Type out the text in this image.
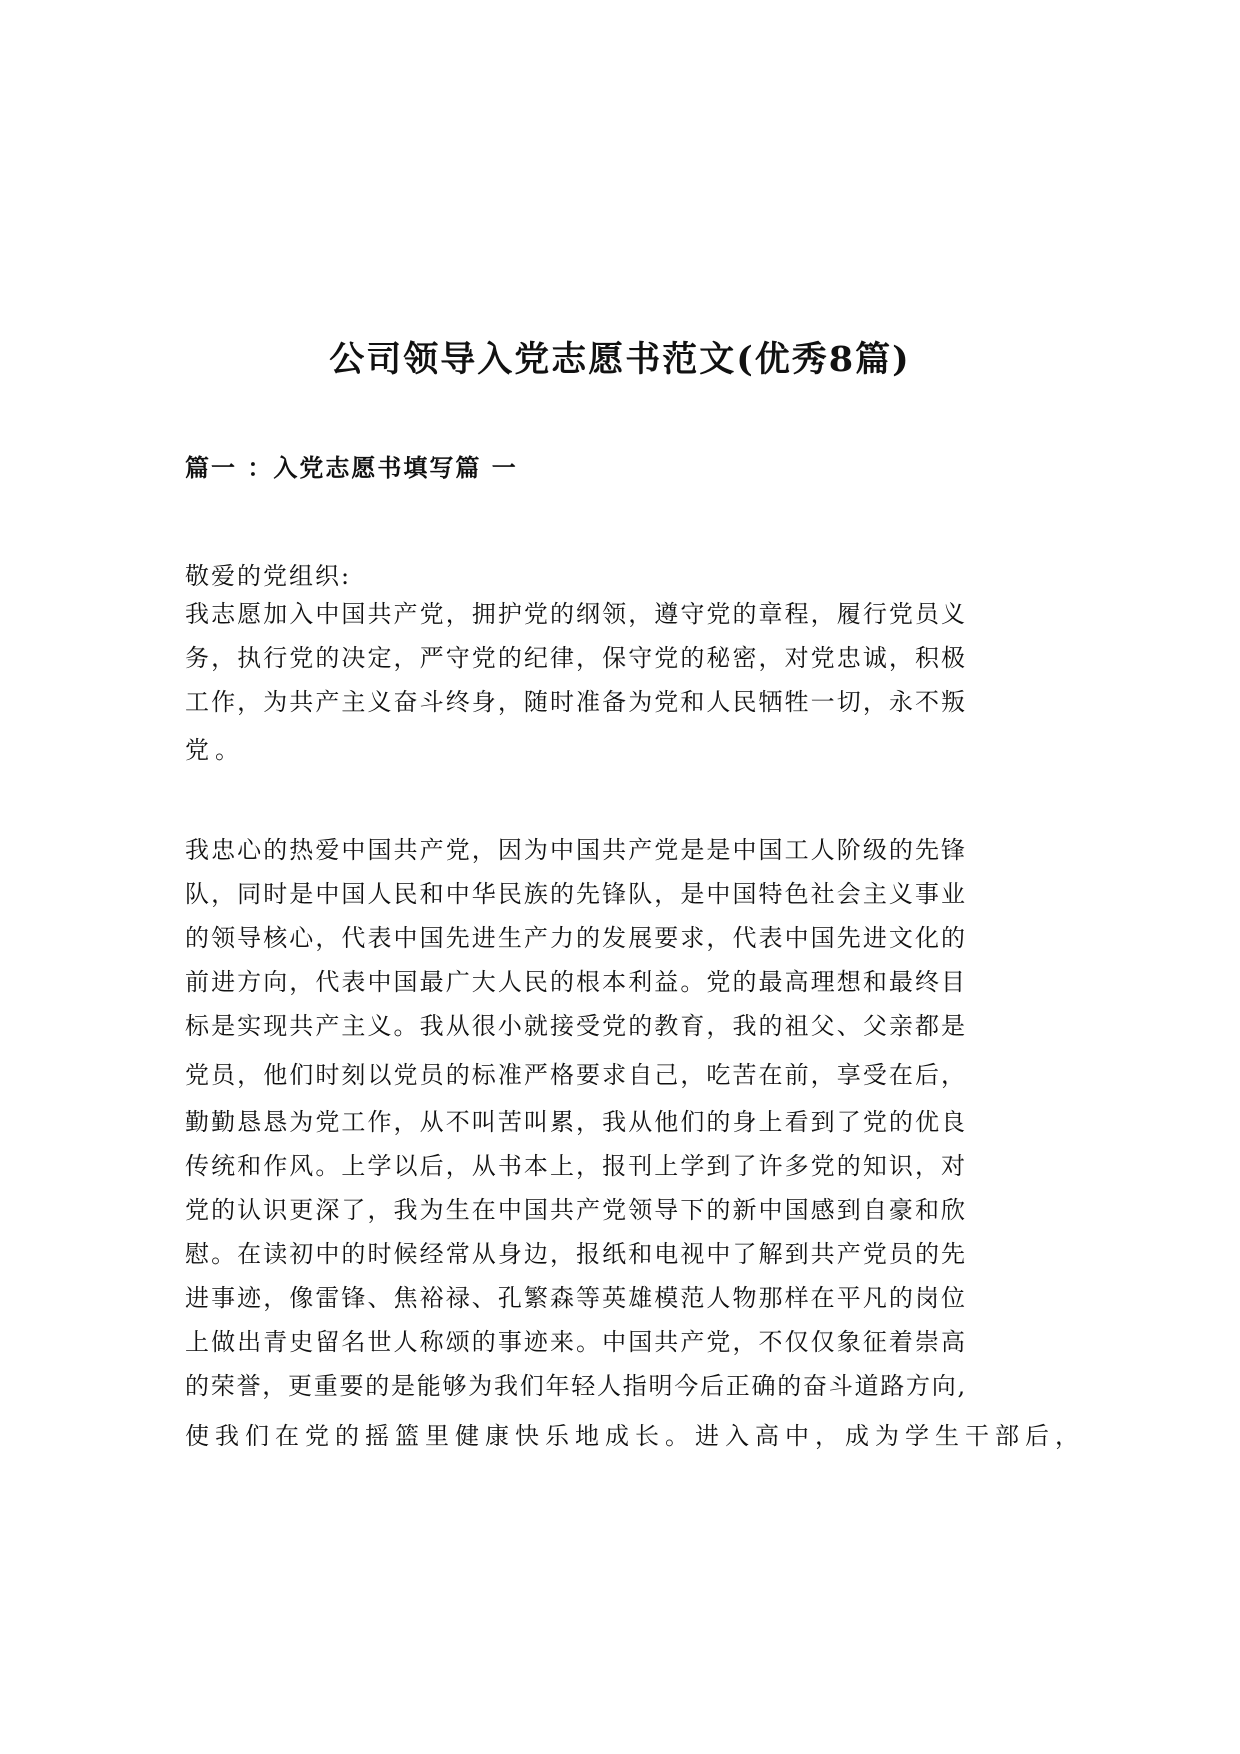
公司领导入党志愿书范文(优秀8篇)
篇一 ：入党志愿书填写篇 一

敬爱的党组织:

我志愿加入中国共产党，拥护党的纲领，遵守党的章程，履行党员义
务，执行党的决定，严守党的纪律，保守党的秘密，对党忠诚，积极
工作，为共产主义奋斗终身，随时准备为党和人民牺牲一切，永不叛
党。
我忠心的热爱中国共产党，因为中国共产党是是中国工人阶级的先锋
队，同时是中国人民和中华民族的先锋队，是中国特色社会主义事业
的领导核心，代表中国先进生产力的发展要求，代表中国先进文化的
前进方向，代表中国最广大人民的根本利益。党的最高理想和最终目
标是实现共产主义。我从很小就接受党的教育，我的祖父、父亲都是
党员，他们时刻以党员的标准严格要求自己，吃苦在前，享受在后，
勤勤恳恳为党工作，从不叫苦叫累，我从他们的身上看到了党的优良
传统和作风。上学以后，从书本上，报刊上学到了许多党的知识，对
党的认识更深了，我为生在中国共产党领导下的新中国感到自豪和欣
慰。在读初中的时候经常从身边，报纸和电视中了解到共产党员的先
进事迹，像雷锋、焦裕禄、孔繁森等英雄模范人物那样在平凡的岗位
上做出青史留名世人称颂的事迹来。中国共产党，不仅仅象征着崇高
的荣誉，更重要的是能够为我们年轻人指明今后正确的奋斗道路方向,
使我们在党的摇篮里健康快乐地成长。进入高中，成为学生干部后，
